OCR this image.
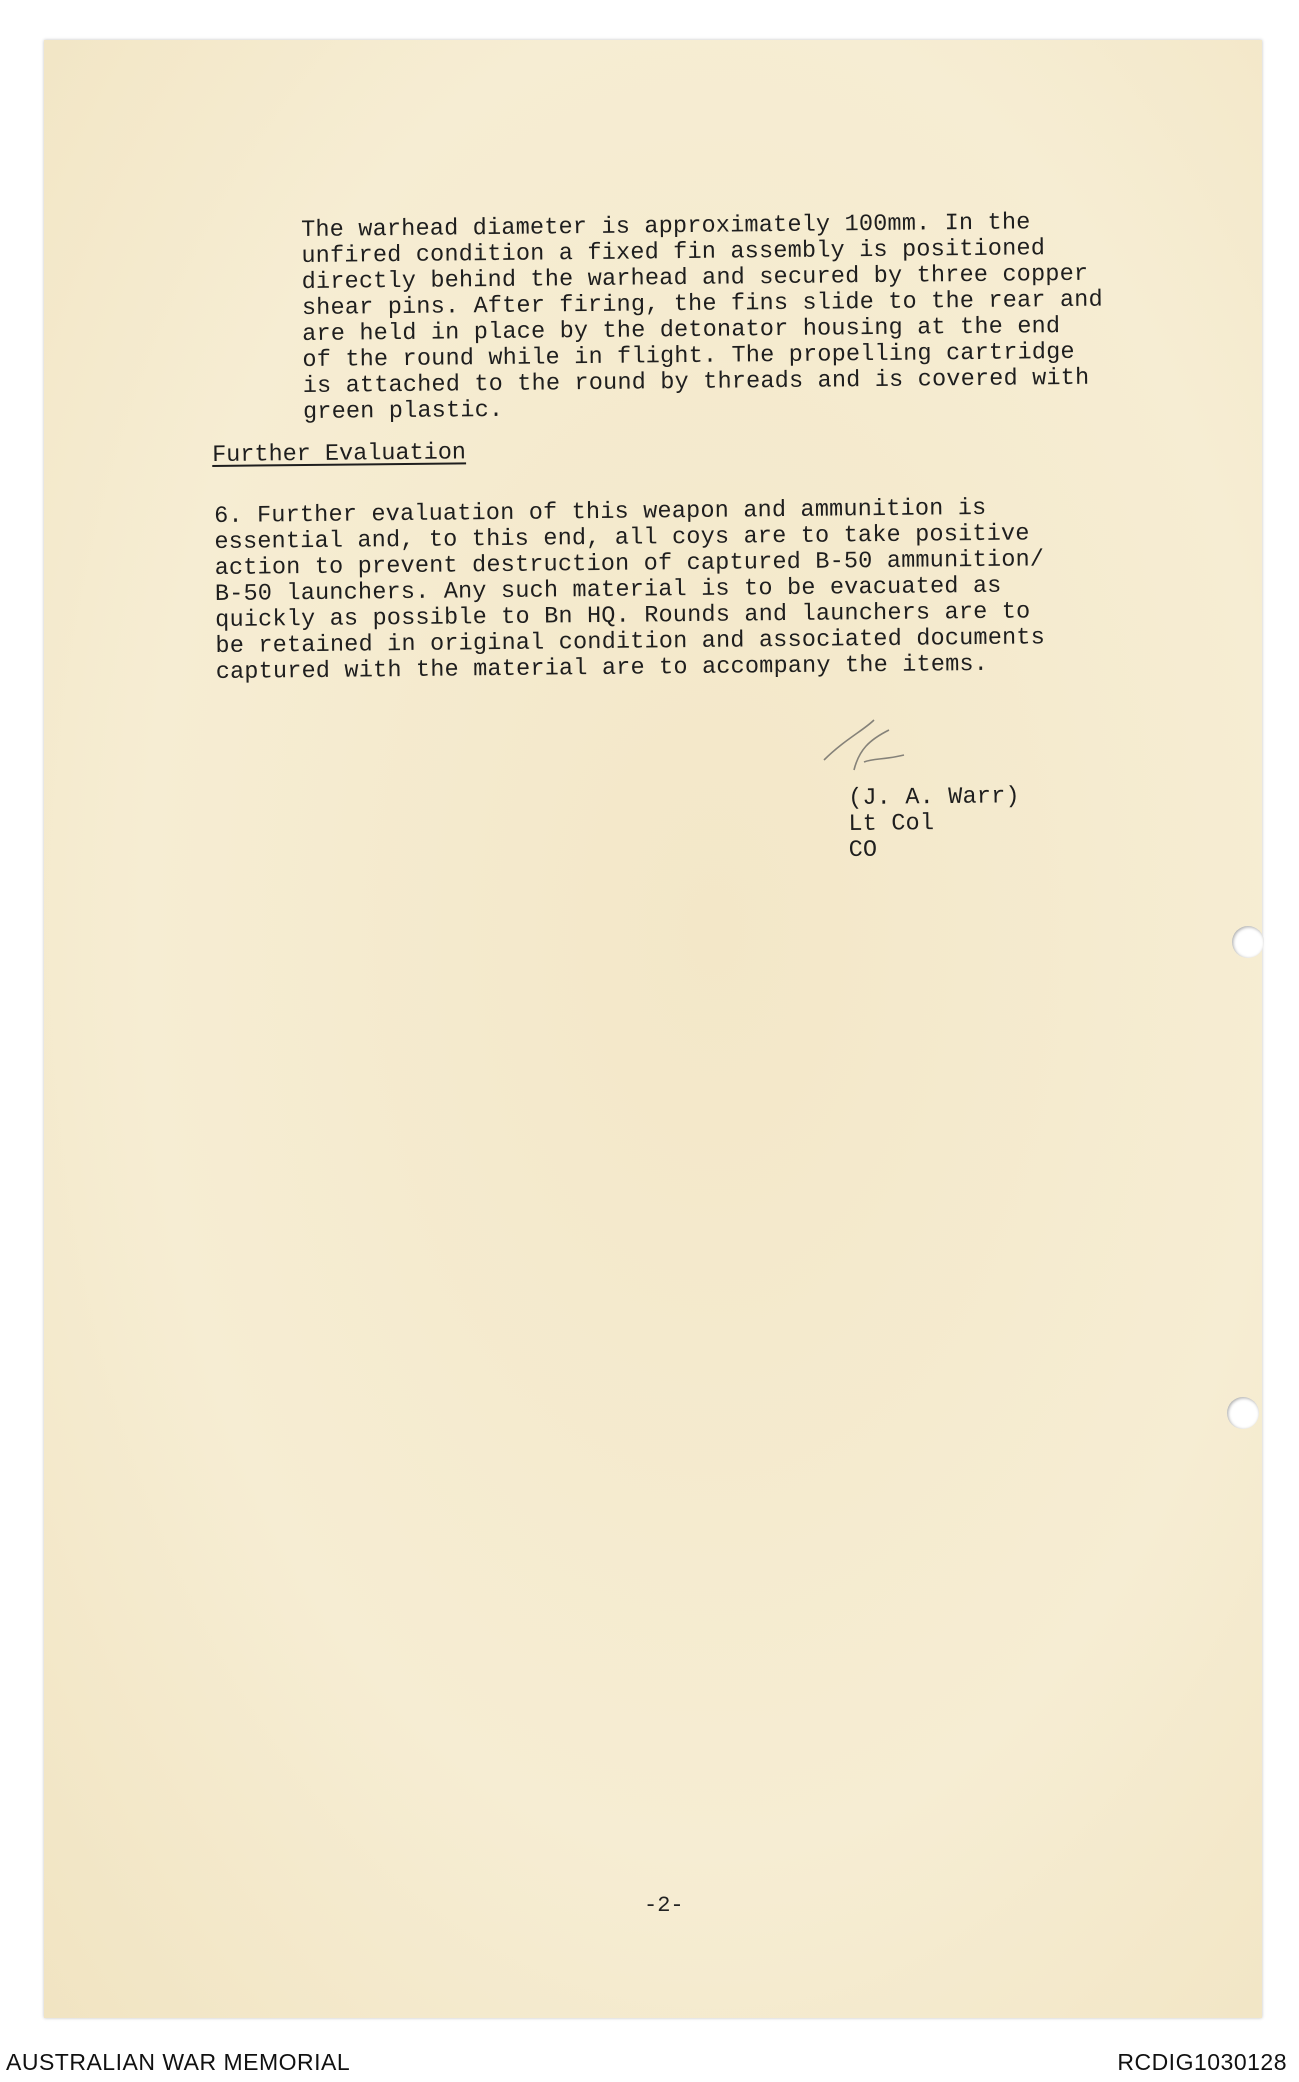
The warhead diameter is approximately 100mm. In the
unfired condition a fixed fin assembly is positioned
directly behind the warhead and secured by three copper
shear pins. After firing, the fins slide to the rear and
are held in place by the detonator housing at the end
of the round while in flight. The propelling cartridge
is attached to the round by threads and is covered with
green plastic.
Further Evaluation
6. Further evaluation of this weapon and ammunition is
essential and, to this end, all coys are to take positive
action to prevent destruction of captured B-50 ammunition/
B-50 launchers. Any such material is to be evacuated as
quickly as possible to Bn HQ. Rounds and launchers are to
be retained in original condition and associated documents
captured with the material are to accompany the items.
(J. A. Warr)
Lt Col
CO
-2-
AUSTRALIAN WAR MEMORIAL	RCDIG1030128
